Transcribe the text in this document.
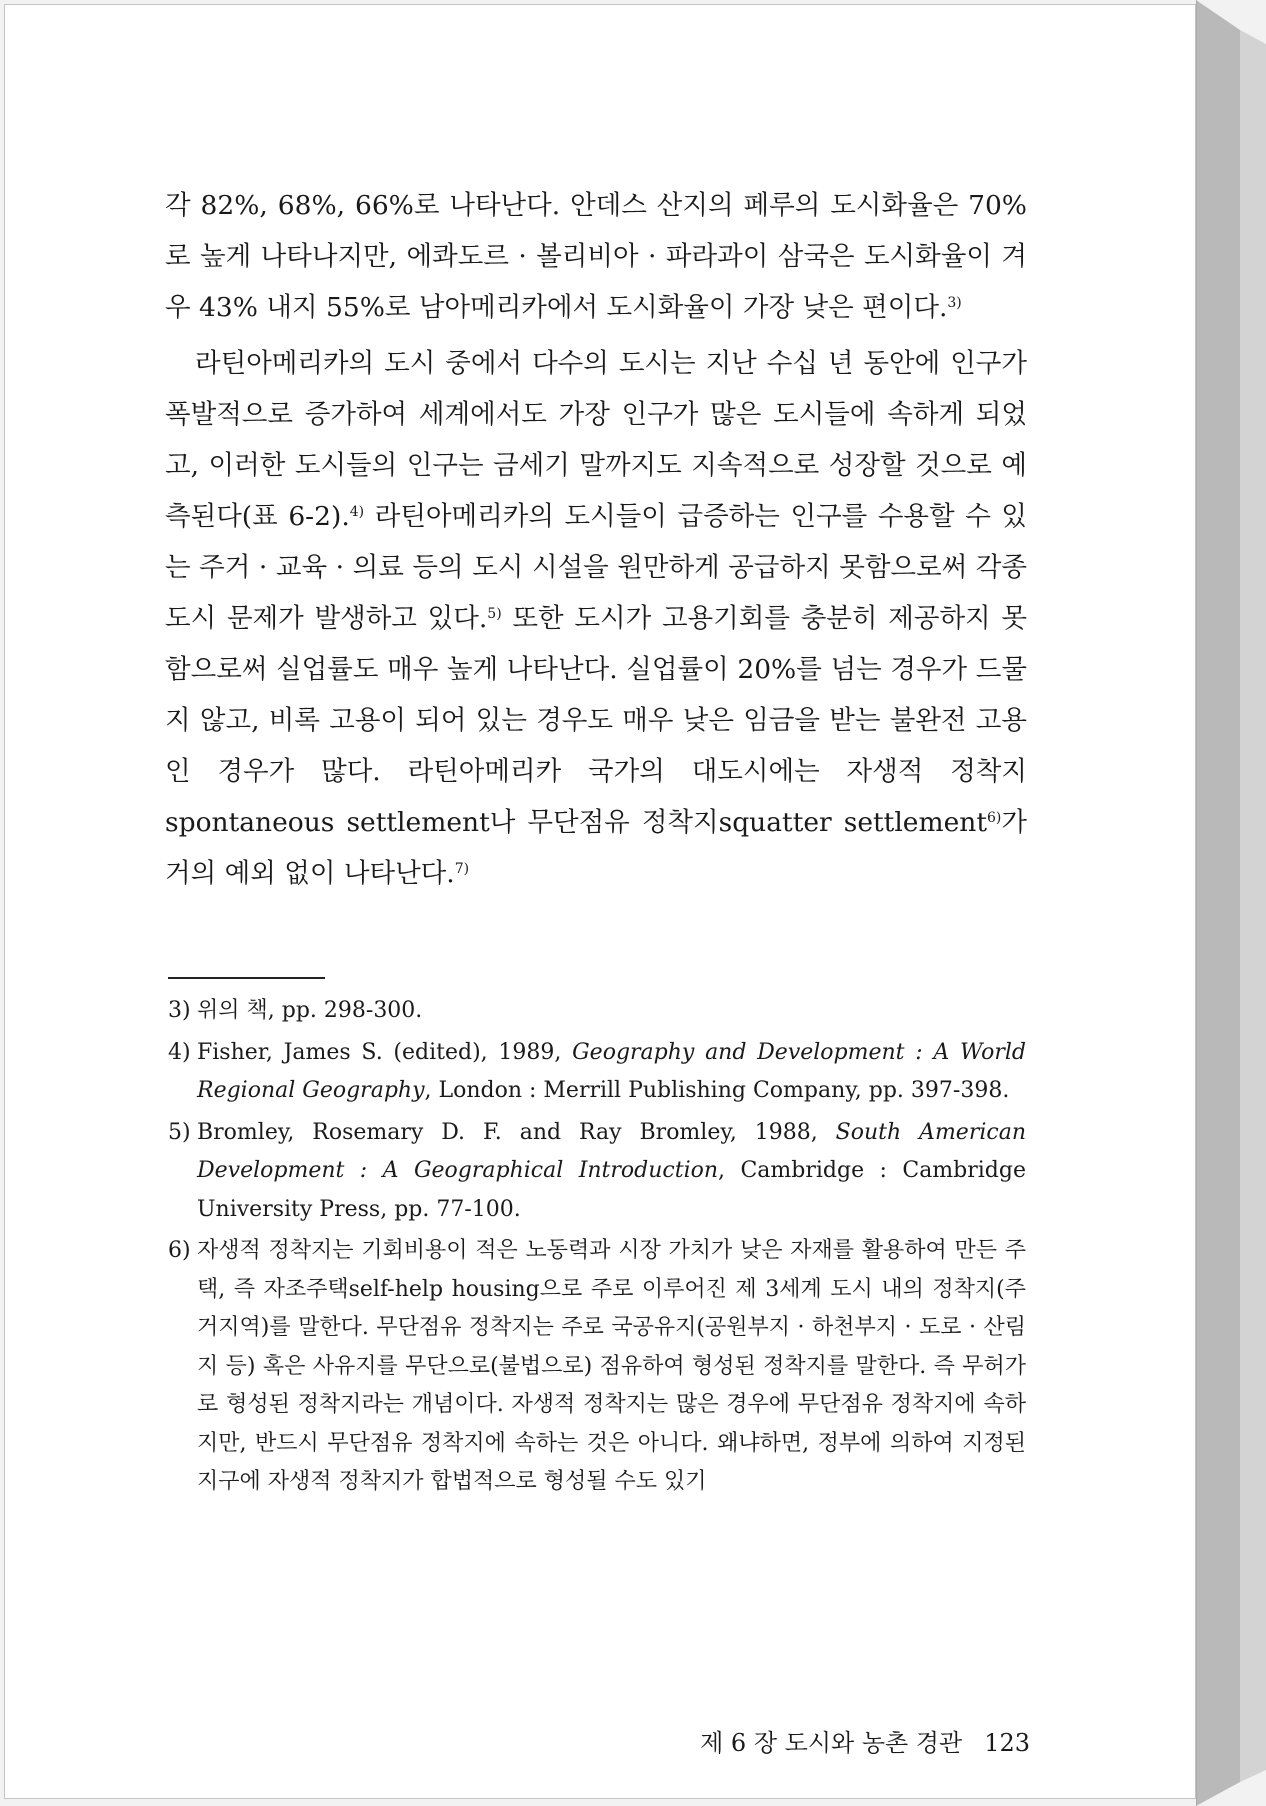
각 82%, 68%, 66%로 나타난다. 안데스 산지의 페루의 도시화율은 70%로 높게 나타나지만, 에콰도르 · 볼리비아 · 파라과이 삼국은 도시화율이 겨우 43% 내지 55%로 남아메리카에서 도시화율이 가장 낮은 편이다.$^{3)}$

라틴아메리카의 도시 중에서 다수의 도시는 지난 수십 년 동안에 인구가 폭발적으로 증가하여 세계에서도 가장 인구가 많은 도시들에 속하게 되었고, 이러한 도시들의 인구는 금세기 말까지도 지속적으로 성장할 것으로 예측된다(표 6-2).$^{4)}$ 라틴아메리카의 도시들이 급증하는 인구를 수용할 수 있는 주거 · 교육 · 의료 등의 도시 시설을 원만하게 공급하지 못함으로써 각종 도시 문제가 발생하고 있다.$^{5)}$ 또한 도시가 고용기회를 충분히 제공하지 못함으로써 실업률도 매우 높게 나타난다. 실업률이 20%를 넘는 경우가 드물지 않고, 비록 고용이 되어 있는 경우도 매우 낮은 임금을 받는 불완전 고용인 경우가 많다. 라틴아메리카 국가의 대도시에는 자생적 정착지spontaneous settlement나 무단점유 정착지squatter settlement$^{6)}$가 거의 예외 없이 나타난다.$^{7)}$

3) 위의 책, pp. 298-300.
4) Fisher, James S. (edited), 1989, Geography and Development : A World Regional Geography, London : Merrill Publishing Company, pp. 397-398.
5) Bromley, Rosemary D. F. and Ray Bromley, 1988, South American Development : A Geographical Introduction, Cambridge : Cambridge University Press, pp. 77-100.
6) 자생적 정착지는 기회비용이 적은 노동력과 시장 가치가 낮은 자재를 활용하여 만든 주택, 즉 자조주택self-help housing으로 주로 이루어진 제 3세계 도시 내의 정착지(주거지역)를 말한다. 무단점유 정착지는 주로 국공유지(공원부지 · 하천부지 · 도로 · 산림지 등) 혹은 사유지를 무단으로(불법으로) 점유하여 형성된 정착지를 말한다. 즉 무허가로 형성된 정착지라는 개념이다. 자생적 정착지는 많은 경우에 무단점유 정착지에 속하지만, 반드시 무단점유 정착지에 속하는 것은 아니다. 왜냐하면, 정부에 의하여 지정된 지구에 자생적 정착지가 합법적으로 형성될 수도 있기
제 6 장 도시와 농촌 경관 123
